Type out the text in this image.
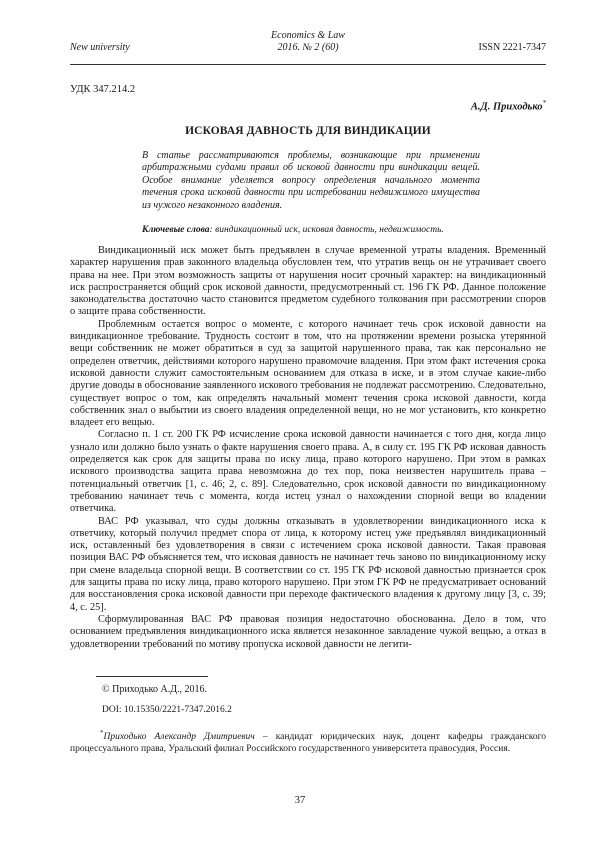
New university
Economics & Law
2016. № 2 (60)	ISSN 2221-7347
УДК 347.214.2
А.Д. Приходько*
ИСКОВАЯ ДАВНОСТЬ ДЛЯ ВИНДИКАЦИИ
В статье рассматриваются проблемы, возникающие при применении арбитражными судами правил об исковой давности при виндикации вещей. Особое внимание уделяется вопросу определения начального момента течения срока исковой давности при истребовании недвижимого имущества из чужого незаконного владения.
Ключевые слова: виндикационный иск, исковая давность, недвижимость.

Виндикационный иск может быть предъявлен в случае временной утраты владения. Временный характер нарушения прав законного владельца обусловлен тем, что утратив вещь он не утрачивает своего права на нее. При этом возможность защиты от нарушения носит срочный характер: на виндикационный иск распространяется общий срок исковой давности, предусмотренный ст. 196 ГК РФ. Данное положение законодательства достаточно часто становится предметом судебного толкования при рассмотрении споров о защите права собственности.

Проблемным остается вопрос о моменте, с которого начинает течь срок исковой давности на виндикационное требование. Трудность состоит в том, что на протяжении времени розыска утерянной вещи собственник не может обратиться в суд за защитой нарушенного права, так как персонально не определен ответчик, действиями которого нарушено правомочие владения. При этом факт истечения срока исковой давности служит самостоятельным основанием для отказа в иске, и в этом случае какие-либо другие доводы в обоснование заявленного искового требования не подлежат рассмотрению. Следовательно, существует вопрос о том, как определять начальный момент течения срока исковой давности, когда собственник знал о выбытии из своего владения определенной вещи, но не мог установить, кто конкретно владеет его вещью.

Согласно п. 1 ст. 200 ГК РФ исчисление срока исковой давности начинается с того дня, когда лицо узнало или должно было узнать о факте нарушения своего права. А, в силу ст. 195 ГК РФ исковая давность определяется как срок для защиты права по иску лица, право которого нарушено. При этом в рамках искового производства защита права невозможна до тех пор, пока неизвестен нарушитель права – потенциальный ответчик [1, с. 46; 2, с. 89]. Следовательно, срок исковой давности по виндикационному требованию начинает течь с момента, когда истец узнал о нахождении спорной вещи во владении ответчика.

ВАС РФ указывал, что суды должны отказывать в удовлетворении виндикационного иска к ответчику, который получил предмет спора от лица, к которому истец уже предъявлял виндикационный иск, оставленный без удовлетворения в связи с истечением срока исковой давности. Такая правовая позиция ВАС РФ объясняется тем, что исковая давность не начинает течь заново по виндикационному иску при смене владельца спорной вещи. В соответствии со ст. 195 ГК РФ исковой давностью признается срок для защиты права по иску лица, право которого нарушено. При этом ГК РФ не предусматривает оснований для восстановления срока исковой давности при переходе фактического владения к другому лицу [3, с. 39; 4, с. 25].

Сформулированная ВАС РФ правовая позиция недостаточно обоснованна. Дело в том, что основанием предъявления виндикационного иска является незаконное завладение чужой вещью, а отказ в удовлетворении требований по мотиву пропуска исковой давности не легити-

© Приходько А.Д., 2016.
DOI: 10.15350/2221-7347.2016.2
*Приходько Александр Дмитриевич – кандидат юридических наук, доцент кафедры гражданского процессуального права, Уральский филиал Российского государственного университета правосудия, Россия.
37
